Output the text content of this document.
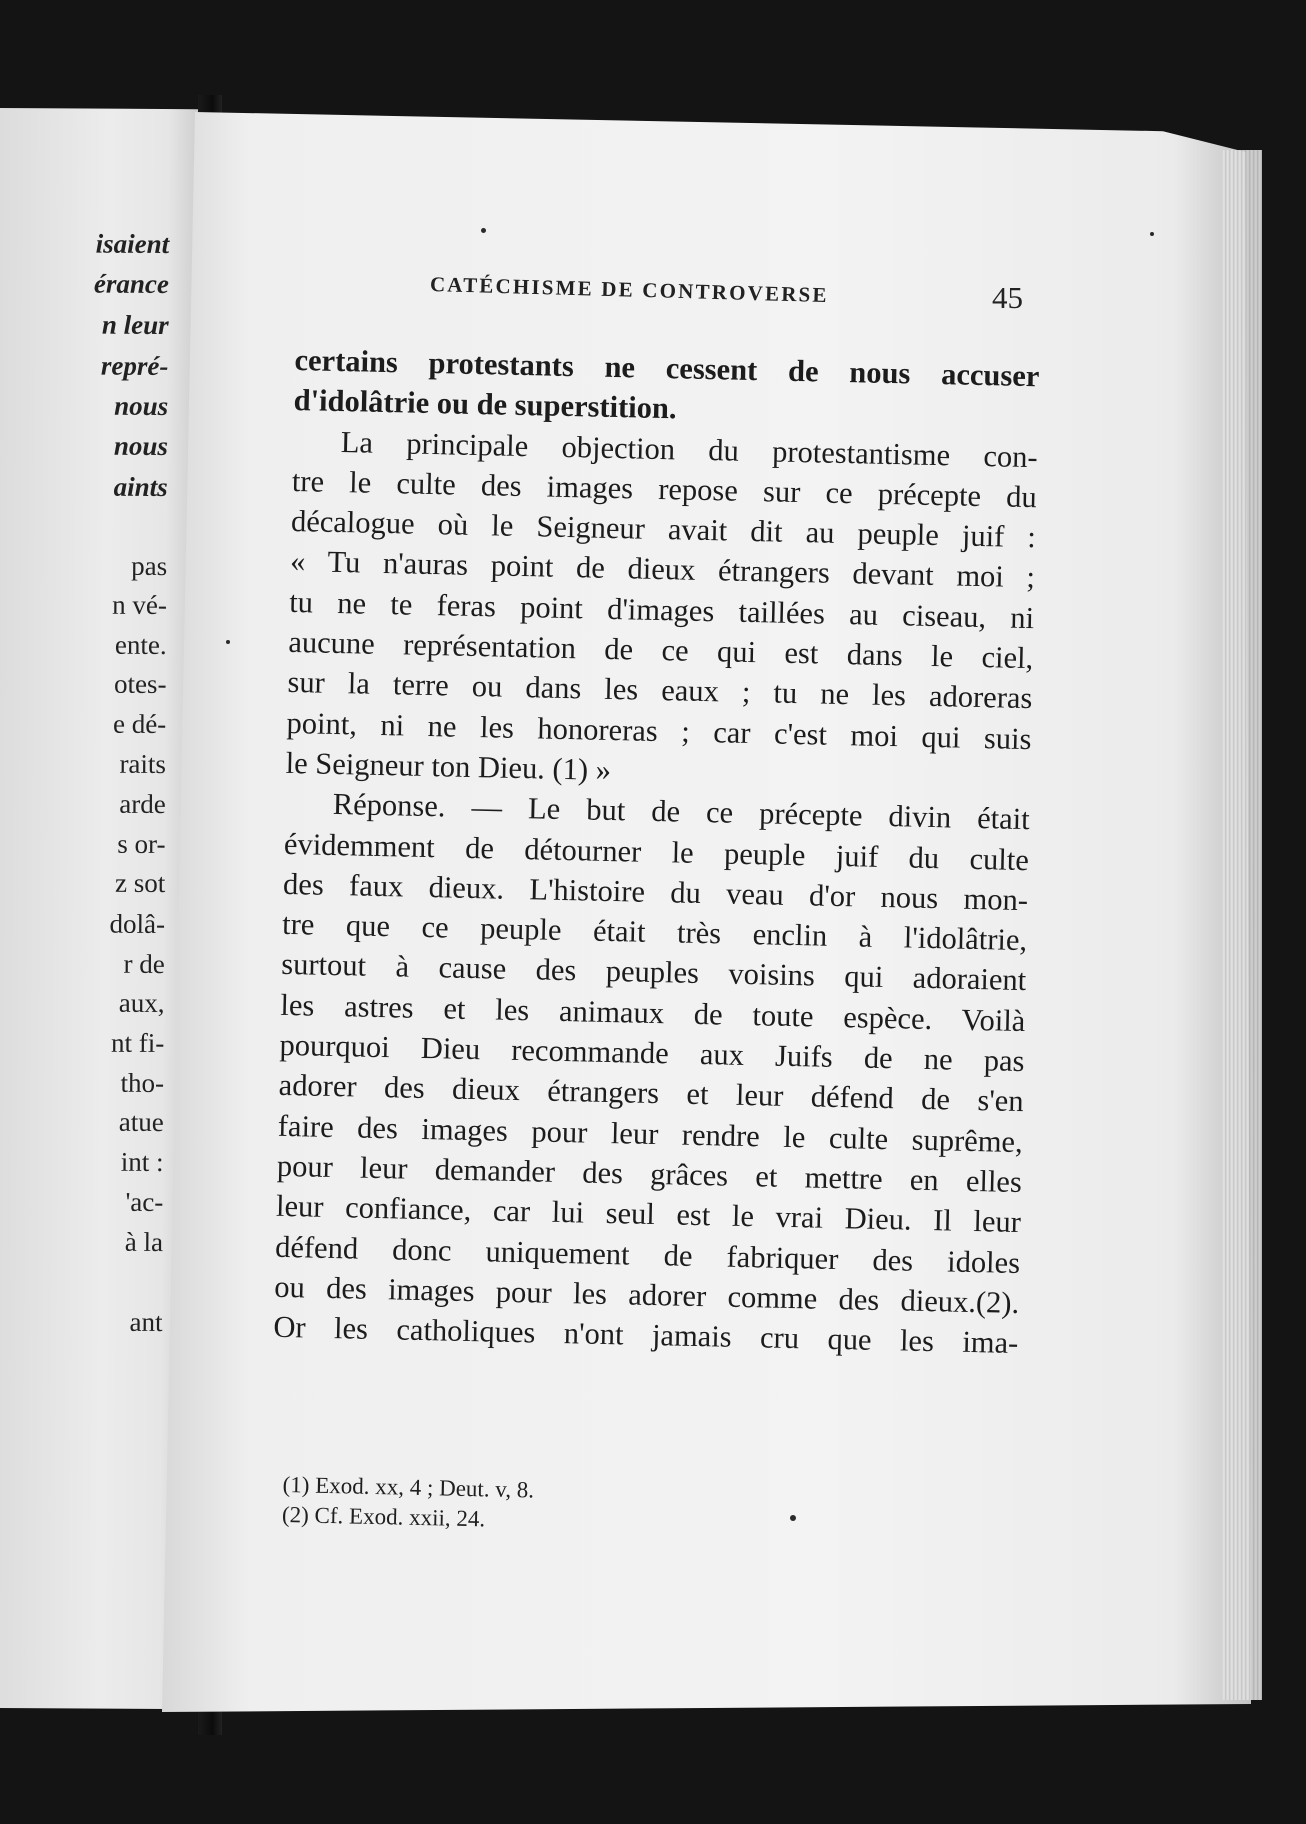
isaient
érance
n leur
repré-
nous
nous
aints
pas
n vé-
ente.
otes-
e dé-
raits
arde
s or-
z sot
dolâ-
r de
aux,
nt fi-
tho-
atue
int :
'ac-
à la
ant
CATÉCHISME DE CONTROVERSE	45
certains protestants ne cessent de nous accuser
d'idolâtrie ou de superstition.
La principale objection du protestantisme con-
tre le culte des images repose sur ce précepte du
décalogue où le Seigneur avait dit au peuple juif :
« Tu n'auras point de dieux étrangers devant moi ;
tu ne te feras point d'images taillées au ciseau, ni
aucune représentation de ce qui est dans le ciel,
sur la terre ou dans les eaux ; tu ne les adoreras
point, ni ne les honoreras ; car c'est moi qui suis
le Seigneur ton Dieu. (1) »
Réponse. — Le but de ce précepte divin était
évidemment de détourner le peuple juif du culte
des faux dieux. L'histoire du veau d'or nous mon-
tre que ce peuple était très enclin à l'idolâtrie,
surtout à cause des peuples voisins qui adoraient
les astres et les animaux de toute espèce. Voilà
pourquoi Dieu recommande aux Juifs de ne pas
adorer des dieux étrangers et leur défend de s'en
faire des images pour leur rendre le culte suprême,
pour leur demander des grâces et mettre en elles
leur confiance, car lui seul est le vrai Dieu. Il leur
défend donc uniquement de fabriquer des idoles
ou des images pour les adorer comme des dieux.(2).
Or les catholiques n'ont jamais cru que les ima-
(1) Exod. xx, 4 ; Deut. v, 8.
(2) Cf. Exod. xxii, 24.
